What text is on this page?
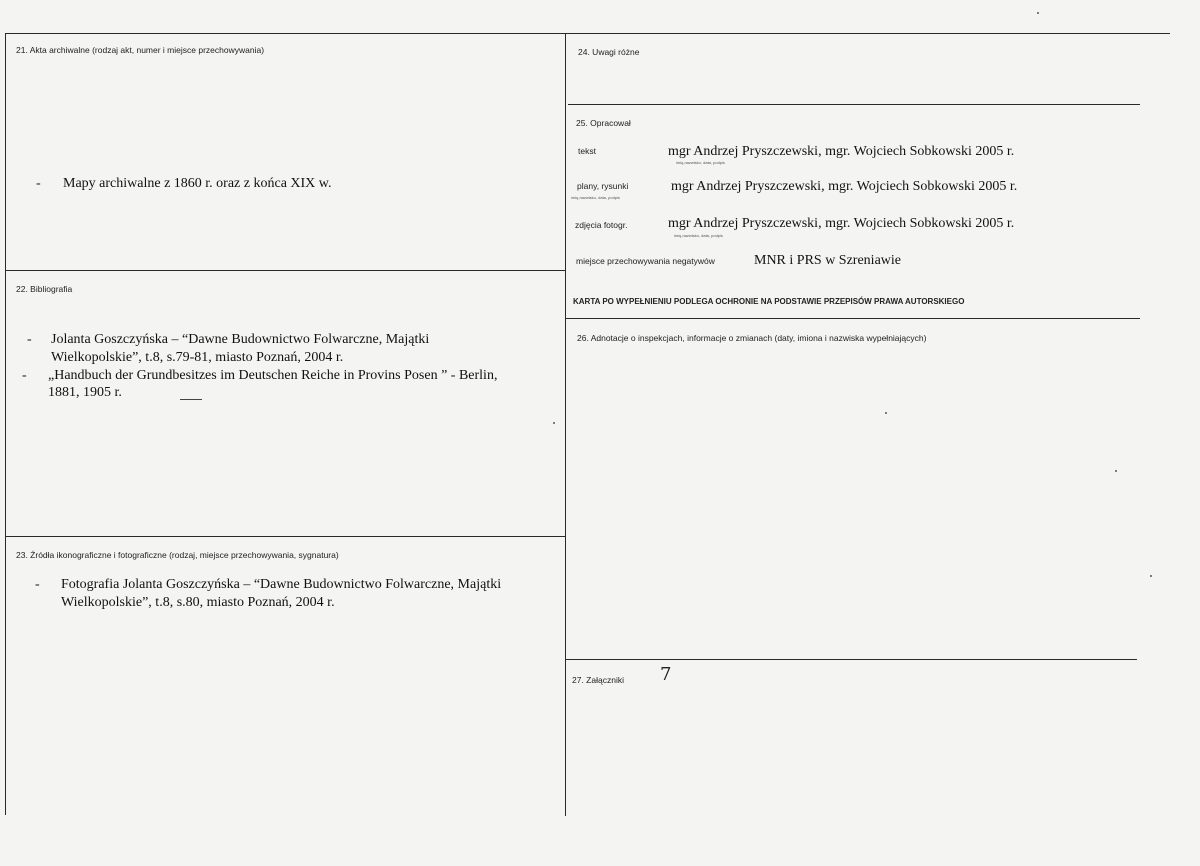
21. Akta archiwalne (rodzaj akt, numer i miejsce przechowywania)
- Mapy archiwalne z 1860 r. oraz z końca XIX w.
22. Bibliografia
- Jolanta Goszczyńska – “Dawne Budownictwo Folwarczne, Majątki
Wielkopolskie”, t.8, s.79-81, miasto Poznań, 2004 r.
- „Handbuch der Grundbesitzes im Deutschen Reiche in Provins Posen ” - Berlin,
1881, 1905 r.
23. Źródła ikonograficzne i fotograficzne (rodzaj, miejsce przechowywania, sygnatura)
- Fotografia Jolanta Goszczyńska – “Dawne Budownictwo Folwarczne, Majątki
Wielkopolskie”, t.8, s.80, miasto Poznań, 2004 r.
24. Uwagi różne
25. Opracował
tekst	mgr Andrzej Pryszczewski, mgr. Wojciech Sobkowski 2005 r.
imię,nazwisko, data, podpis
plany, rysunki	mgr Andrzej Pryszczewski, mgr. Wojciech Sobkowski 2005 r.
imię,nazwisko, data, podpis
zdjęcia fotogr.	mgr Andrzej Pryszczewski, mgr. Wojciech Sobkowski 2005 r.
imię,nazwisko, data, podpis
miejsce przechowywania negatywów	MNR i PRS w Szreniawie
KARTA PO WYPEŁNIENIU PODLEGA OCHRONIE NA PODSTAWIE PRZEPISÓW PRAWA AUTORSKIEGO
26. Adnotacje o inspekcjach, informacje o zmianach (daty, imiona i nazwiska wypełniających)
27. Załączniki 7
